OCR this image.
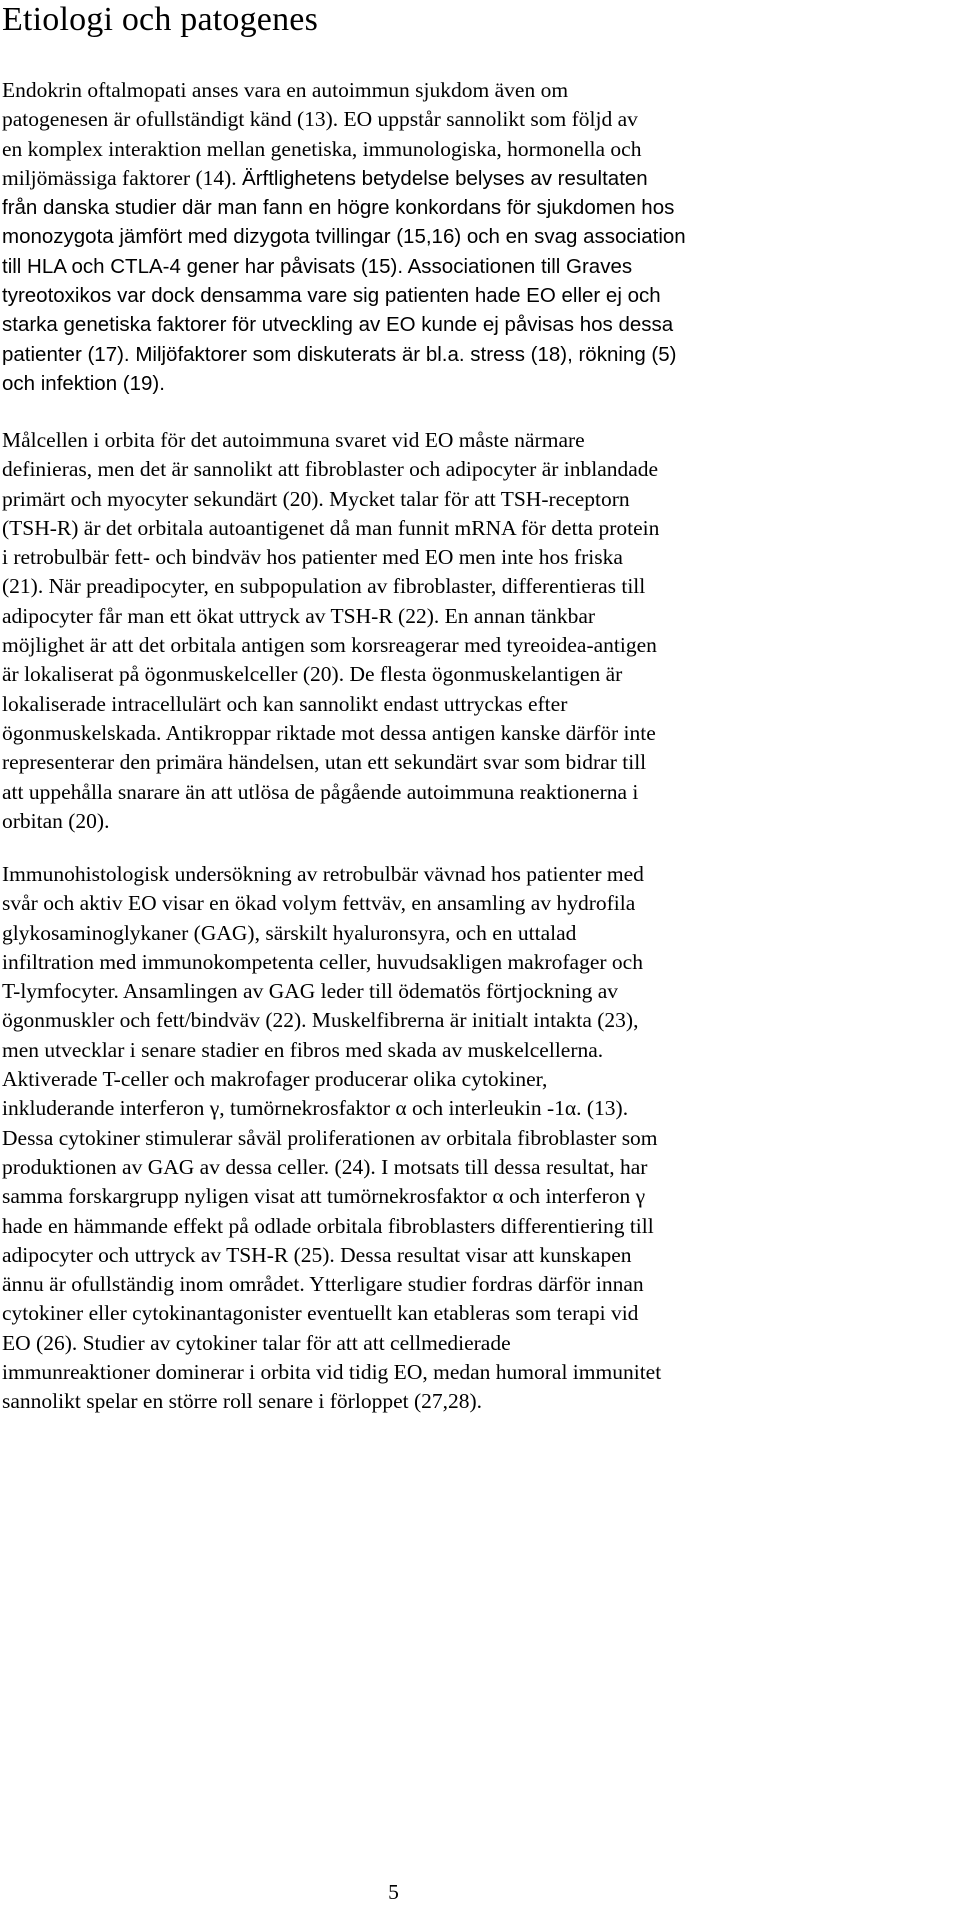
Etiologi och patogenes

Endokrin oftalmopati anses vara en autoimmun sjukdom även om
patogenesen är ofullständigt känd (13). EO uppstår sannolikt som följd av
en komplex interaktion mellan genetiska, immunologiska, hormonella och
miljömässiga faktorer (14). Ärftlighetens betydelse belyses av resultaten
från danska studier där man fann en högre konkordans för sjukdomen hos
monozygota jämfört med dizygota tvillingar (15,16) och en svag association
till HLA och CTLA-4 gener har påvisats (15). Associationen till Graves
tyreotoxikos var dock densamma vare sig patienten hade EO eller ej och
starka genetiska faktorer för utveckling av EO kunde ej påvisas hos dessa
patienter (17). Miljöfaktorer som diskuterats är bl.a. stress (18), rökning (5)
och infektion (19).

Målcellen i orbita för det autoimmuna svaret vid EO måste närmare
definieras, men det är sannolikt att fibroblaster och adipocyter är inblandade
primärt och myocyter sekundärt (20). Mycket talar för att TSH-receptorn
(TSH-R) är det orbitala autoantigenet då man funnit mRNA för detta protein
i retrobulbär fett- och bindväv hos patienter med EO men inte hos friska
(21). När preadipocyter, en subpopulation av fibroblaster, differentieras till
adipocyter får man ett ökat uttryck av TSH-R (22). En annan tänkbar
möjlighet är att det orbitala antigen som korsreagerar med tyreoidea-antigen
är lokaliserat på ögonmuskelceller (20). De flesta ögonmuskelantigen är
lokaliserade intracellulärt och kan sannolikt endast uttryckas efter
ögonmuskelskada. Antikroppar riktade mot dessa antigen kanske därför inte
representerar den primära händelsen, utan ett sekundärt svar som bidrar till
att uppehålla snarare än att utlösa de pågående autoimmuna reaktionerna i
orbitan (20).

Immunohistologisk undersökning av retrobulbär vävnad hos patienter med
svår och aktiv EO visar en ökad volym fettväv, en ansamling av hydrofila
glykosaminoglykaner (GAG), särskilt hyaluronsyra, och en uttalad
infiltration med immunokompetenta celler, huvudsakligen makrofager och
T-lymfocyter. Ansamlingen av GAG leder till ödematös förtjockning av
ögonmuskler och fett/bindväv (22). Muskelfibrerna är initialt intakta (23),
men utvecklar i senare stadier en fibros med skada av muskelcellerna.
Aktiverade T-celler och makrofager producerar olika cytokiner,
inkluderande interferon γ, tumörnekrosfaktor α och interleukin -1α. (13).
Dessa cytokiner stimulerar såväl proliferationen av orbitala fibroblaster som
produktionen av GAG av dessa celler. (24). I motsats till dessa resultat, har
samma forskargrupp nyligen visat att tumörnekrosfaktor α och interferon γ
hade en hämmande effekt på odlade orbitala fibroblasters differentiering till
adipocyter och uttryck av TSH-R (25). Dessa resultat visar att kunskapen
ännu är ofullständig inom området. Ytterligare studier fordras därför innan
cytokiner eller cytokinantagonister eventuellt kan etableras som terapi vid
EO (26). Studier av cytokiner talar för att att cellmedierade
immunreaktioner dominerar i orbita vid tidig EO, medan humoral immunitet
sannolikt spelar en större roll senare i förloppet (27,28).

5
